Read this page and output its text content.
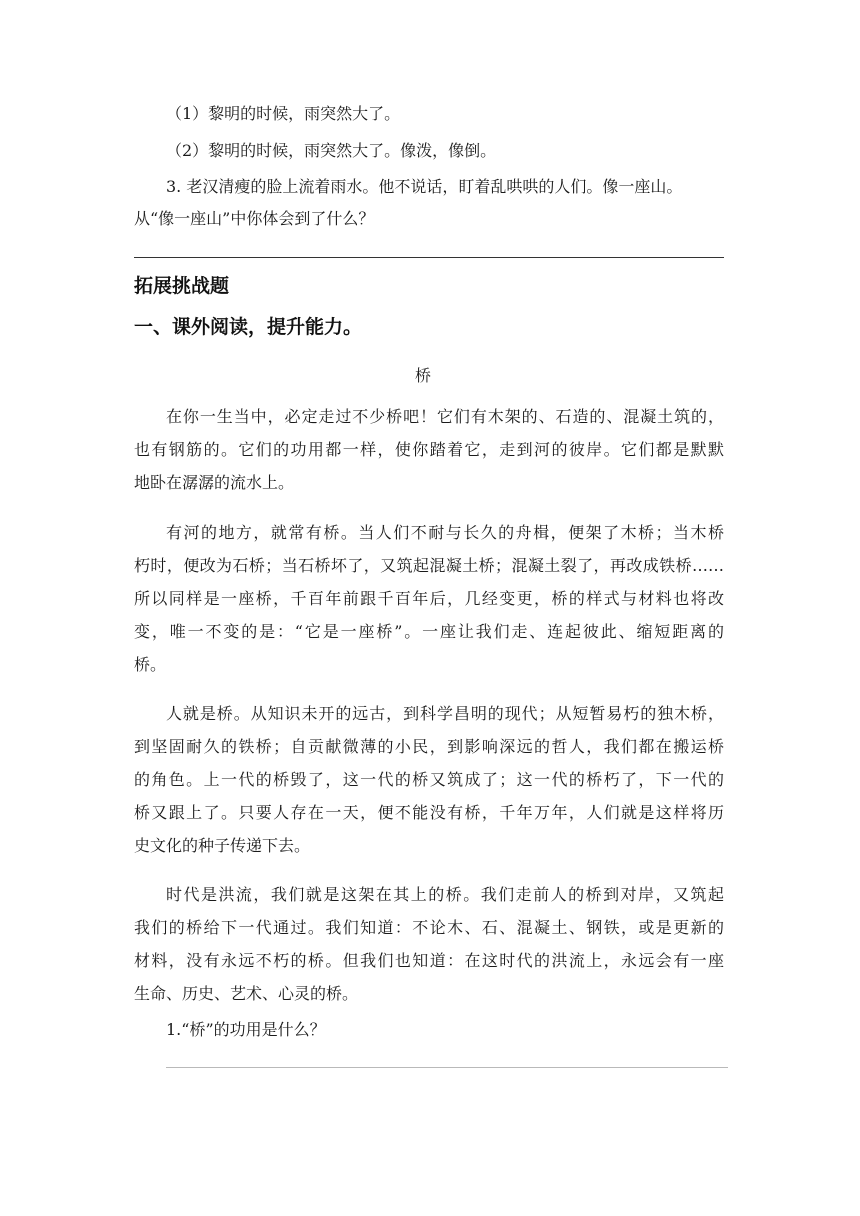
（1）黎明的时候，雨突然大了。
（2）黎明的时候，雨突然大了。像泼，像倒。
3. 老汉清瘦的脸上流着雨水。他不说话，盯着乱哄哄的人们。像一座山。
从“像一座山”中你体会到了什么？
拓展挑战题
一、课外阅读，提升能力。
桥
在你一生当中，必定走过不少桥吧！它们有木架的、石造的、混凝土筑的，
也有钢筋的。它们的功用都一样，使你踏着它，走到河的彼岸。它们都是默默
地卧在潺潺的流水上。
有河的地方，就常有桥。当人们不耐与长久的舟楫，便架了木桥；当木桥
朽时，便改为石桥；当石桥坏了，又筑起混凝土桥；混凝土裂了，再改成铁桥……
所以同样是一座桥，千百年前跟千百年后，几经变更，桥的样式与材料也将改
变，唯一不变的是：“它是一座桥”。一座让我们走、连起彼此、缩短距离的
桥。
人就是桥。从知识未开的远古，到科学昌明的现代；从短暂易朽的独木桥，
到坚固耐久的铁桥；自贡献微薄的小民，到影响深远的哲人，我们都在搬运桥
的角色。上一代的桥毁了，这一代的桥又筑成了；这一代的桥朽了，下一代的
桥又跟上了。只要人存在一天，便不能没有桥，千年万年，人们就是这样将历
史文化的种子传递下去。
时代是洪流，我们就是这架在其上的桥。我们走前人的桥到对岸，又筑起
我们的桥给下一代通过。我们知道：不论木、石、混凝土、钢铁，或是更新的
材料，没有永远不朽的桥。但我们也知道：在这时代的洪流上，永远会有一座
生命、历史、艺术、心灵的桥。
1.“桥”的功用是什么？
